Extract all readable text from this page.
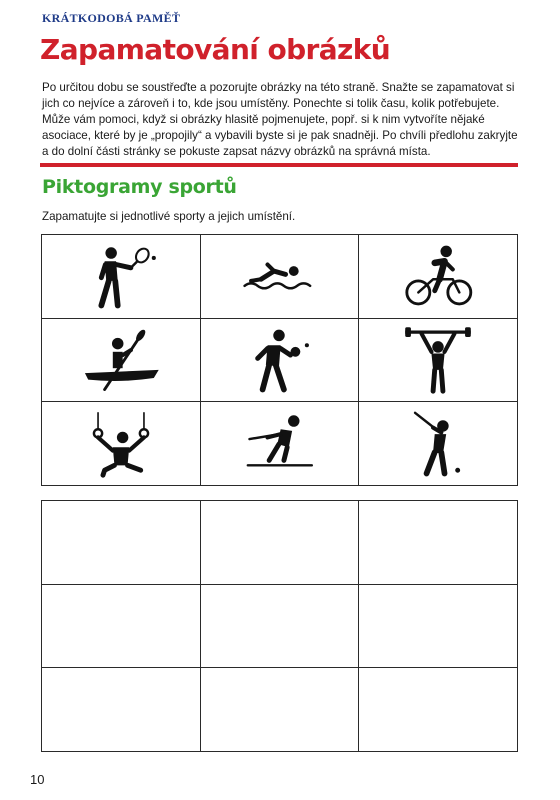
KRÁTKODOBÁ PAMĚŤ
Zapamatování obrázků

Po určitou dobu se soustřeďte a pozorujte obrázky na této straně. Snažte se zapamatovat si jich co nejvíce a zároveň i to, kde jsou umístěny. Ponechte si tolik času, kolik potřebujete. Může vám pomoci, když si obrázky hlasitě pojmenujete, popř. si k nim vytvoříte nějaké asociace, které by je „propojily“ a vybavili byste si je pak snadněji. Po chvíli předlohu zakryjte a do dolní části stránky se pokuste zapsat názvy obrázků na správná místa.

Piktogramy sportů

Zapamatujte si jednotlivé sporty a jejich umístění.

10
